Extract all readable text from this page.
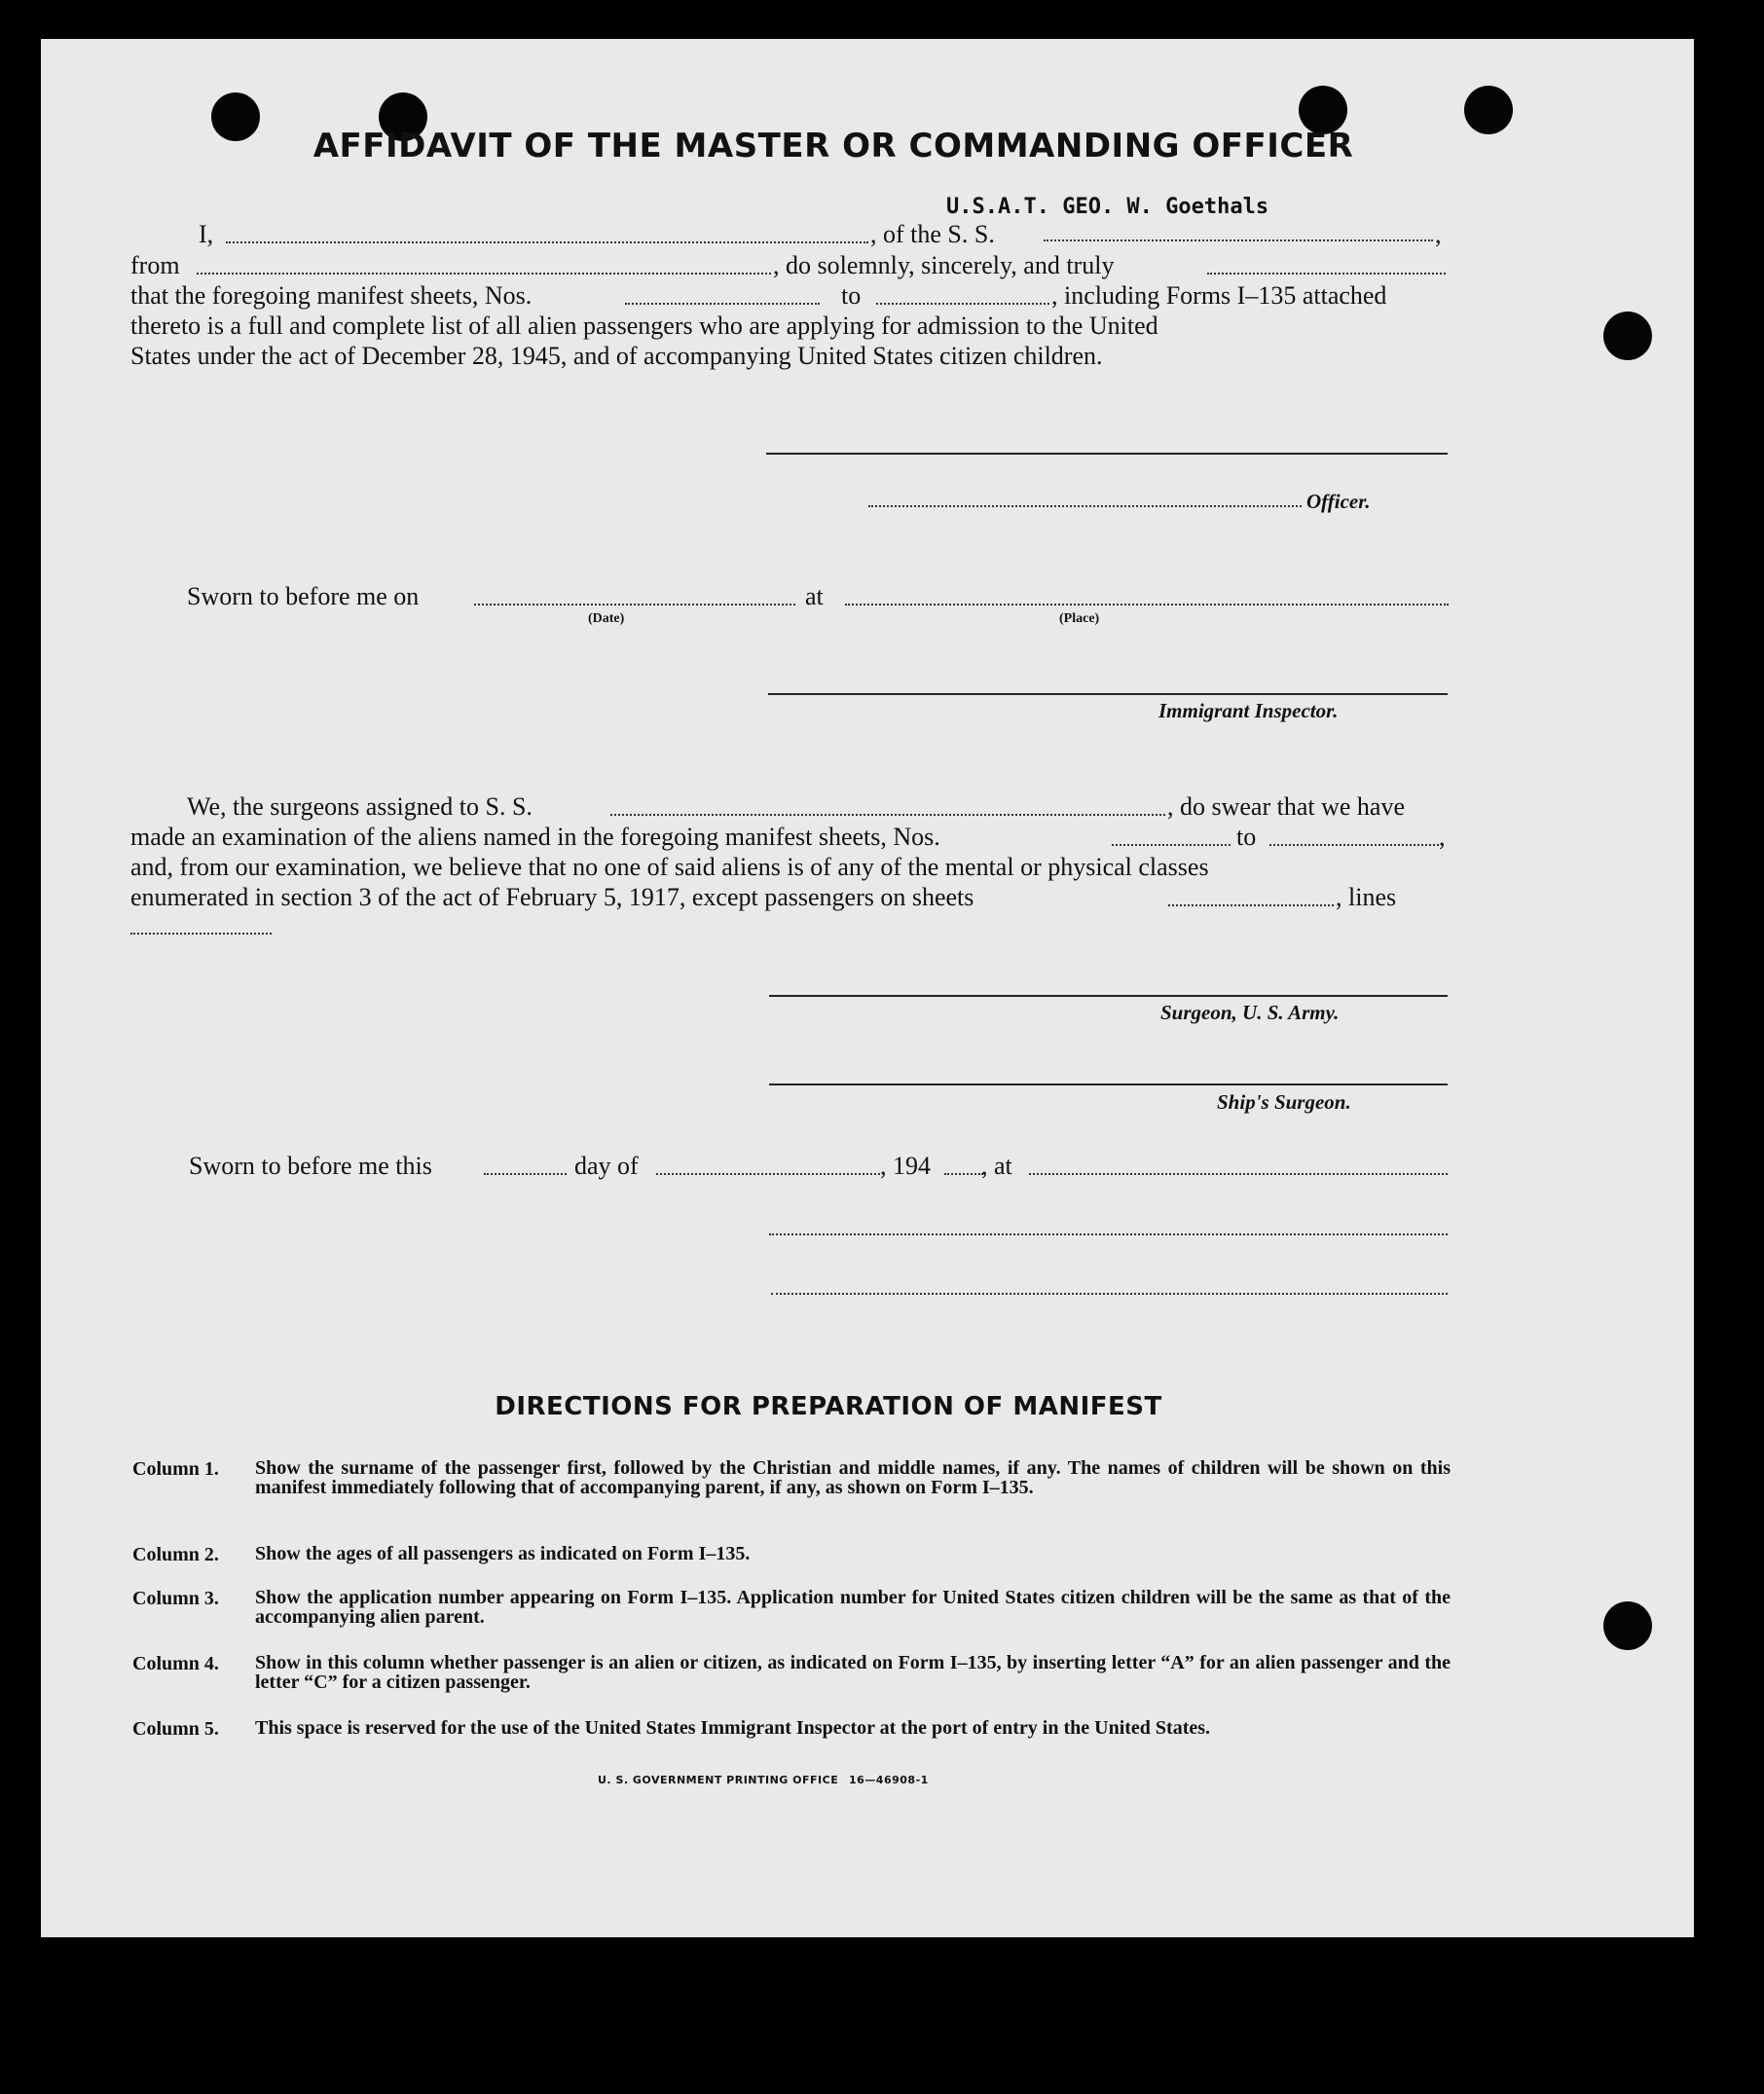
AFFIDAVIT OF THE MASTER OR COMMANDING OFFICER
I,	, of the S. S.
U.S.A.T. GEO. W. Goethals
,
from	, do solemnly, sincerely, and truly
that the foregoing manifest sheets, Nos.	to	, including Forms I–135 attached
thereto is a full and complete list of all alien passengers who are applying for admission to the United
States under the act of December 28, 1945, and of accompanying United States citizen children.
Officer.
Sworn to before me on
(Date)
at
(Place)
Immigrant Inspector.
We, the surgeons assigned to S. S.	, do swear that we have
made an examination of the aliens named in the foregoing manifest sheets, Nos.	to	,
and, from our examination, we believe that no one of said aliens is of any of the mental or physical classes
enumerated in section 3 of the act of February 5, 1917, except passengers on sheets	, lines
Surgeon, U. S. Army.
Ship's Surgeon.
Sworn to before me this	day of	, 194 , at
DIRECTIONS FOR PREPARATION OF MANIFEST
Column 1. Show the surname of the passenger first, followed by the Christian and middle names, if any. The names of children will be shown on this manifest immediately following that of accompanying parent, if any, as shown on Form I–135.
Column 2. Show the ages of all passengers as indicated on Form I–135.
Column 3. Show the application number appearing on Form I–135. Application number for United States citizen children will be the same as that of the accompanying alien parent.
Column 4. Show in this column whether passenger is an alien or citizen, as indicated on Form I–135, by inserting letter “A” for an alien passenger and the letter “C” for a citizen passenger.
Column 5. This space is reserved for the use of the United States Immigrant Inspector at the port of entry in the United States.
U. S. GOVERNMENT PRINTING OFFICE 16—46908-1
